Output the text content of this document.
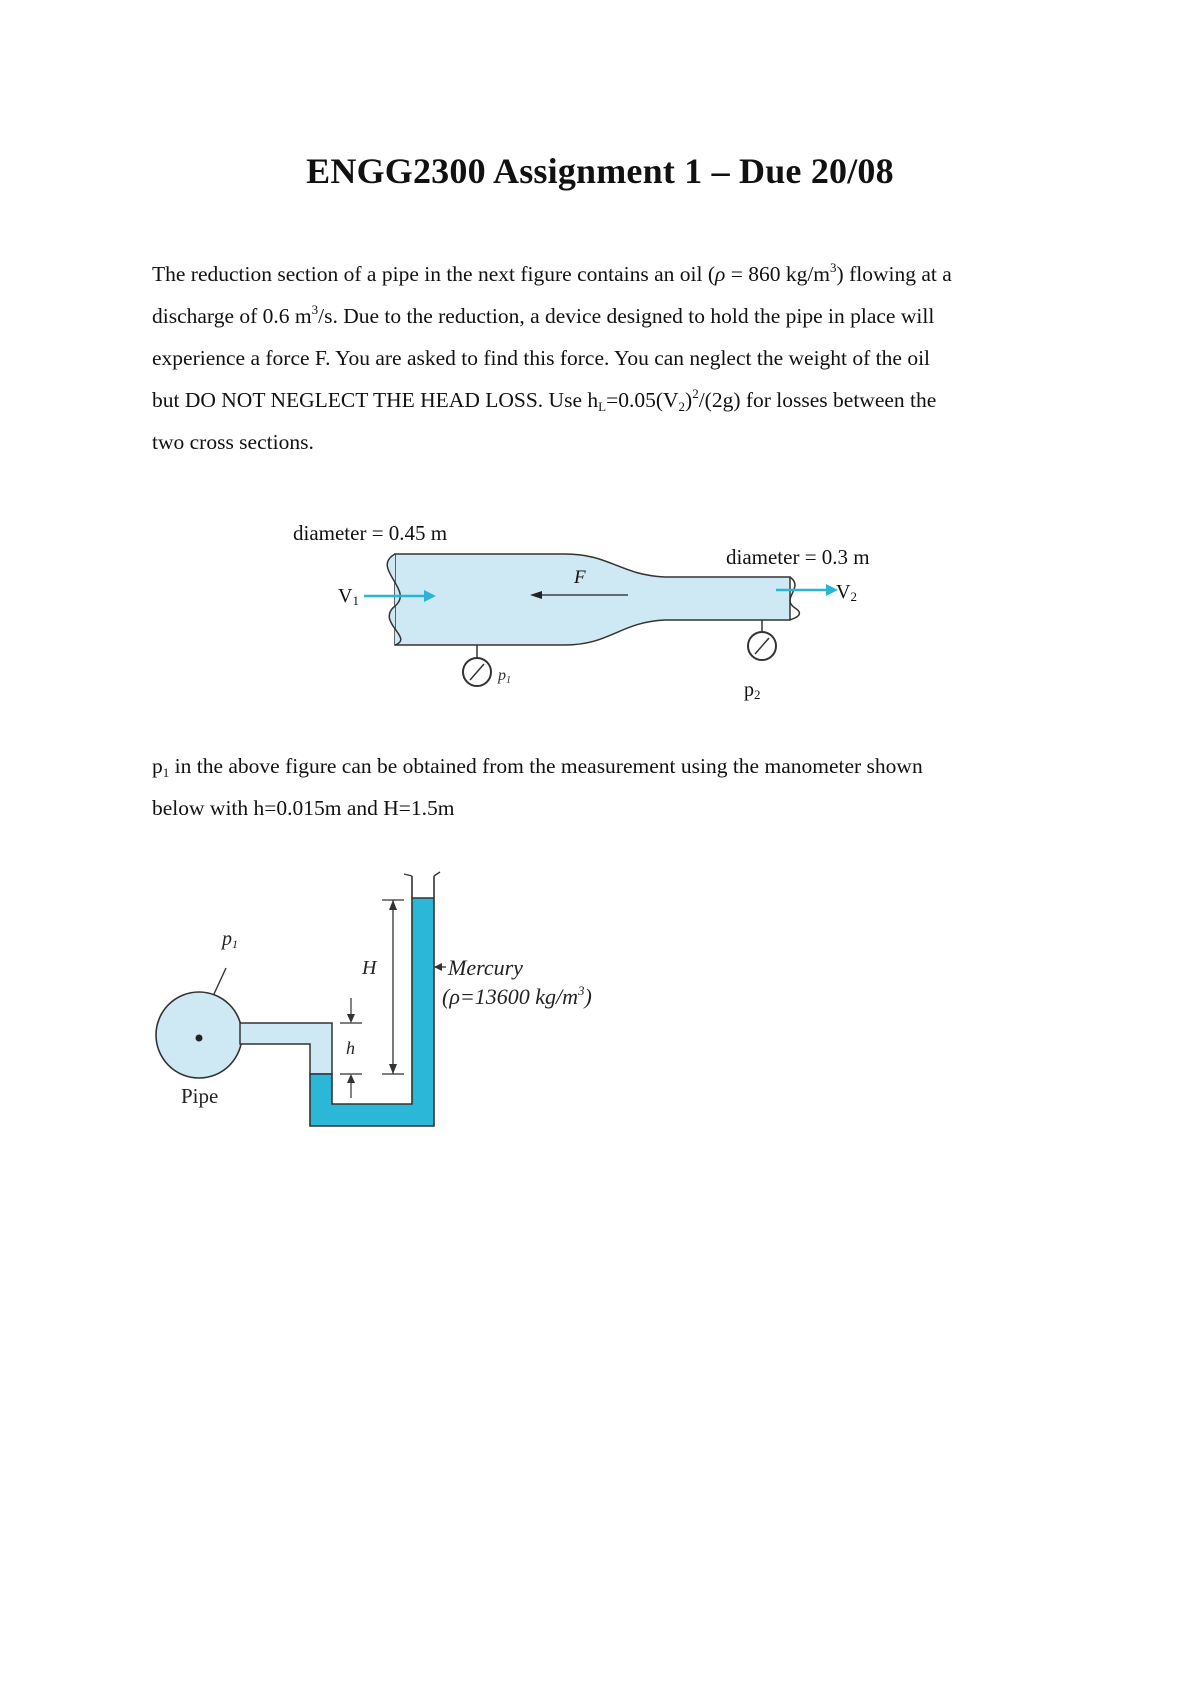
ENGG2300 Assignment 1 – Due 20/08
The reduction section of a pipe in the next figure contains an oil (ρ = 860 $kg/m^3$) flowing at a
discharge of 0.6 $m^3/s$. Due to the reduction, a device designed to hold the pipe in place will
experience a force F. You are asked to find this force. You can neglect the weight of the oil
but DO NOT NEGLECT THE HEAD LOSS. Use $h_L=0.05(V_2)^2/(2g)$ for losses between the
two cross sections.
diameter = 0.45 m
diameter = 0.3 m
V1
F
V2
p1	p2
$p_1$ in the above figure can be obtained from the measurement using the manometer shown
below with h=0.015m and H=1.5m
p1
H
h
Mercury
(ρ=13600 $kg/m^3$)
Pipe
